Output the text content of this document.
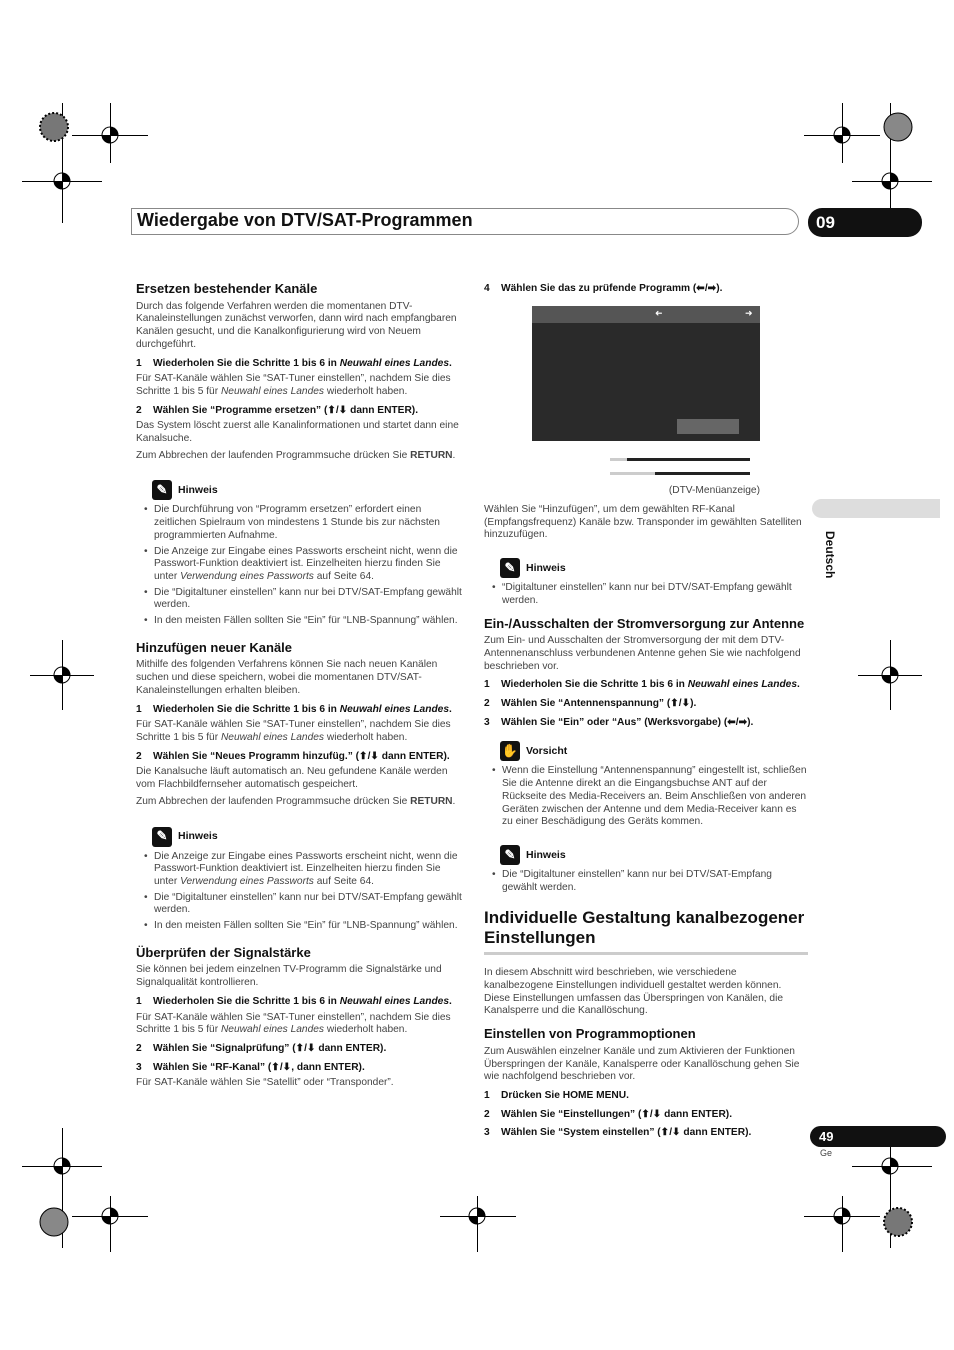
Wiedergabe von DTV/SAT-Programmen	09
Ersetzen bestehender Kanäle

Durch das folgende Verfahren werden die momentanen DTV-Kanaleinstellungen zunächst verworfen, dann wird nach empfangbaren Kanälen gesucht, und die Kanalkonfigurierung wird von Neuem durchgeführt.

1 Wiederholen Sie die Schritte 1 bis 6 in Neuwahl eines Landes.

Für SAT-Kanäle wählen Sie “SAT-Tuner einstellen”, nachdem Sie dies Schritte 1 bis 5 für Neuwahl eines Landes wiederholt haben.

2 Wählen Sie “Programme ersetzen” (⬆/⬇ dann ENTER).

Das System löscht zuerst alle Kanalinformationen und startet dann eine Kanalsuche.

Zum Abbrechen der laufenden Programmsuche drücken Sie RETURN.

✎	Hinweis
• Die Durchführung von “Programm ersetzen” erfordert einen zeitlichen Spielraum von mindestens 1 Stunde bis zur nächsten programmierten Aufnahme.
• Die Anzeige zur Eingabe eines Passworts erscheint nicht, wenn die Passwort-Funktion deaktiviert ist. Einzelheiten hierzu finden Sie unter Verwendung eines Passworts auf Seite 64.
• Die “Digitaltuner einstellen” kann nur bei DTV/SAT-Empfang gewählt werden.
• In den meisten Fällen sollten Sie “Ein” für “LNB-Spannung” wählen.
Hinzufügen neuer Kanäle

Mithilfe des folgenden Verfahrens können Sie nach neuen Kanälen suchen und diese speichern, wobei die momentanen DTV/SAT-Kanaleinstellungen erhalten bleiben.

1 Wiederholen Sie die Schritte 1 bis 6 in Neuwahl eines Landes.

Für SAT-Kanäle wählen Sie “SAT-Tuner einstellen”, nachdem Sie dies Schritte 1 bis 5 für Neuwahl eines Landes wiederholt haben.

2 Wählen Sie “Neues Programm hinzufüg.” (⬆/⬇ dann ENTER).

Die Kanalsuche läuft automatisch an. Neu gefundene Kanäle werden vom Flachbildfernseher automatisch gespeichert.

Zum Abbrechen der laufenden Programmsuche drücken Sie RETURN.

✎	Hinweis
• Die Anzeige zur Eingabe eines Passworts erscheint nicht, wenn die Passwort-Funktion deaktiviert ist. Einzelheiten hierzu finden Sie unter Verwendung eines Passworts auf Seite 64.
• Die “Digitaltuner einstellen” kann nur bei DTV/SAT-Empfang gewählt werden.
• In den meisten Fällen sollten Sie “Ein” für “LNB-Spannung” wählen.
Überprüfen der Signalstärke

Sie können bei jedem einzelnen TV-Programm die Signalstärke und Signalqualität kontrollieren.

1 Wiederholen Sie die Schritte 1 bis 6 in Neuwahl eines Landes.

Für SAT-Kanäle wählen Sie “SAT-Tuner einstellen”, nachdem Sie dies Schritte 1 bis 5 für Neuwahl eines Landes wiederholt haben.

2 Wählen Sie “Signalprüfung” (⬆/⬇ dann ENTER).

3 Wählen Sie “RF-Kanal” (⬆/⬇, dann ENTER).

Für SAT-Kanäle wählen Sie “Satellit” oder “Transponder”.

4 Wählen Sie das zu prüfende Programm (⬅/➡).

➜	➜
(DTV-Menüanzeige)

Wählen Sie “Hinzufügen”, um dem gewählten RF-Kanal (Empfangsfrequenz) Kanäle bzw. Transponder im gewählten Satelliten hinzuzufügen.

✎	Hinweis
• “Digitaltuner einstellen” kann nur bei DTV/SAT-Empfang gewählt werden.
Ein-/Ausschalten der Stromversorgung zur Antenne

Zum Ein- und Ausschalten der Stromversorgung der mit dem DTV-Antennenanschluss verbundenen Antenne gehen Sie wie nachfolgend beschrieben vor.

1 Wiederholen Sie die Schritte 1 bis 6 in Neuwahl eines Landes.

2 Wählen Sie “Antennenspannung” (⬆/⬇).

3 Wählen Sie “Ein” oder “Aus” (Werksvorgabe) (⬅/➡).

✋ Vorsicht
• Wenn die Einstellung “Antennenspannung” eingestellt ist, schließen Sie die Antenne direkt an die Eingangsbuchse ANT auf der Rückseite des Media-Receivers an. Beim Anschließen von anderen Geräten zwischen der Antenne und dem Media-Receiver kann es zu einer Beschädigung des Geräts kommen.
✎	Hinweis
• Die “Digitaltuner einstellen” kann nur bei DTV/SAT-Empfang gewählt werden.
Individuelle Gestaltung kanalbezogener Einstellungen

In diesem Abschnitt wird beschrieben, wie verschiedene kanalbezogene Einstellungen individuell gestaltet werden können. Diese Einstellungen umfassen das Überspringen von Kanälen, die Kanalsperre und die Kanallöschung.

Einstellen von Programmoptionen

Zum Auswählen einzelner Kanäle und zum Aktivieren der Funktionen Überspringen der Kanäle, Kanalsperre oder Kanallöschung gehen Sie wie nachfolgend beschrieben vor.

1 Drücken Sie HOME MENU.

2 Wählen Sie “Einstellungen” (⬆/⬇ dann ENTER).

3 Wählen Sie “System einstellen” (⬆/⬇ dann ENTER).

Deutsch
49
Ge
